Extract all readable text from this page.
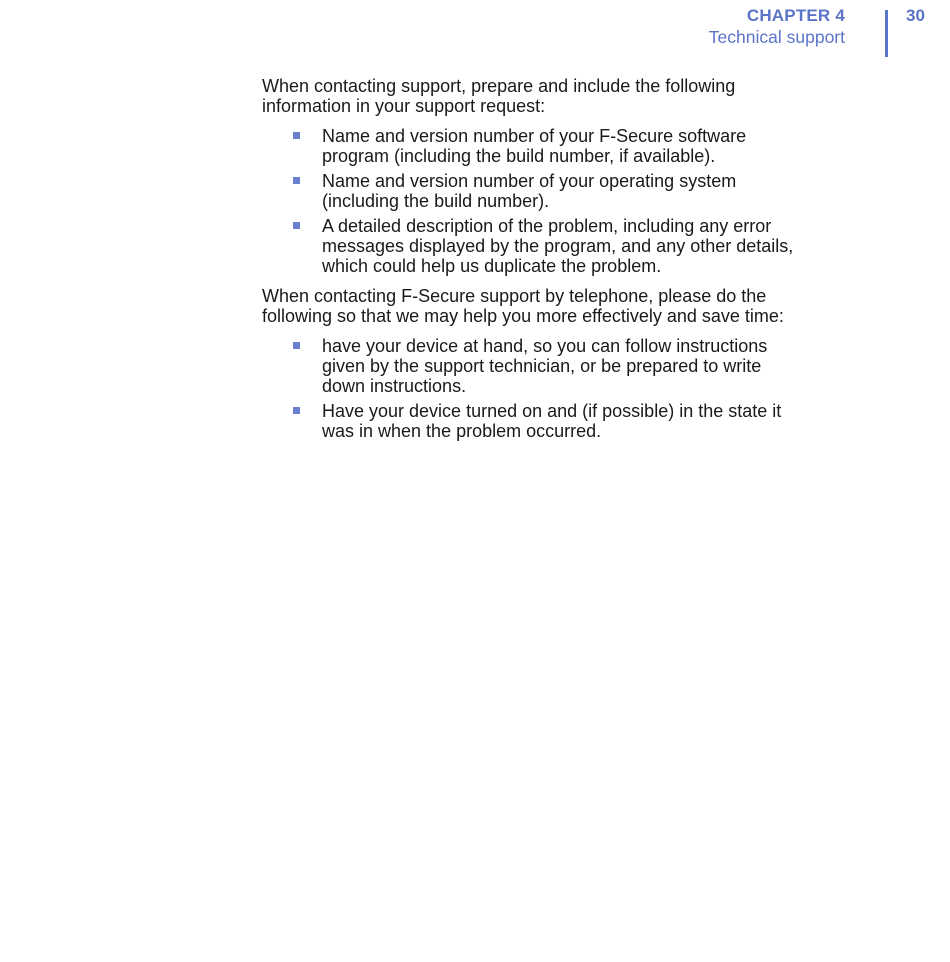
CHAPTER 4
Technical support
30

When contacting support, prepare and include the following information in your support request:

Name and version number of your F-Secure software program (including the build number, if available).
Name and version number of your operating system (including the build number).
A detailed description of the problem, including any error messages displayed by the program, and any other details, which could help us duplicate the problem.

When contacting F-Secure support by telephone, please do the following so that we may help you more effectively and save time:

have your device at hand, so you can follow instructions given by the support technician, or be prepared to write down instructions.
Have your device turned on and (if possible) in the state it was in when the problem occurred.
